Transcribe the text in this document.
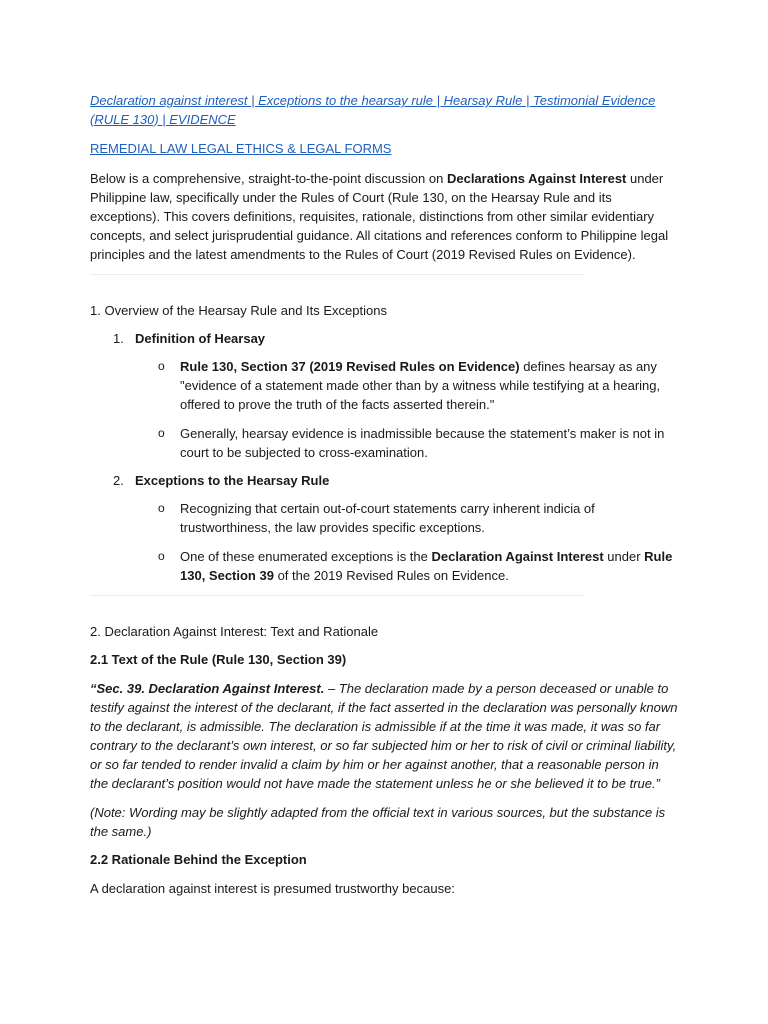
Declaration against interest | Exceptions to the hearsay rule | Hearsay Rule | Testimonial Evidence (RULE 130) | EVIDENCE

REMEDIAL LAW LEGAL ETHICS & LEGAL FORMS

Below is a comprehensive, straight-to-the-point discussion on Declarations Against Interest under Philippine law, specifically under the Rules of Court (Rule 130, on the Hearsay Rule and its exceptions). This covers definitions, requisites, rationale, distinctions from other similar evidentiary concepts, and select jurisprudential guidance. All citations and references conform to Philippine legal principles and the latest amendments to the Rules of Court (2019 Revised Rules on Evidence).

1. Overview of the Hearsay Rule and Its Exceptions

1. Definition of Hearsay

o Rule 130, Section 37 (2019 Revised Rules on Evidence) defines hearsay as any "evidence of a statement made other than by a witness while testifying at a hearing, offered to prove the truth of the facts asserted therein."

o Generally, hearsay evidence is inadmissible because the statement’s maker is not in court to be subjected to cross-examination.

2. Exceptions to the Hearsay Rule

o Recognizing that certain out-of-court statements carry inherent indicia of trustworthiness, the law provides specific exceptions.

o One of these enumerated exceptions is the Declaration Against Interest under Rule 130, Section 39 of the 2019 Revised Rules on Evidence.

2. Declaration Against Interest: Text and Rationale

2.1 Text of the Rule (Rule 130, Section 39)

“Sec. 39. Declaration Against Interest. – The declaration made by a person deceased or unable to testify against the interest of the declarant, if the fact asserted in the declaration was personally known to the declarant, is admissible. The declaration is admissible if at the time it was made, it was so far contrary to the declarant’s own interest, or so far subjected him or her to risk of civil or criminal liability, or so far tended to render invalid a claim by him or her against another, that a reasonable person in the declarant’s position would not have made the statement unless he or she believed it to be true.”

(Note: Wording may be slightly adapted from the official text in various sources, but the substance is the same.)

2.2 Rationale Behind the Exception

A declaration against interest is presumed trustworthy because:
